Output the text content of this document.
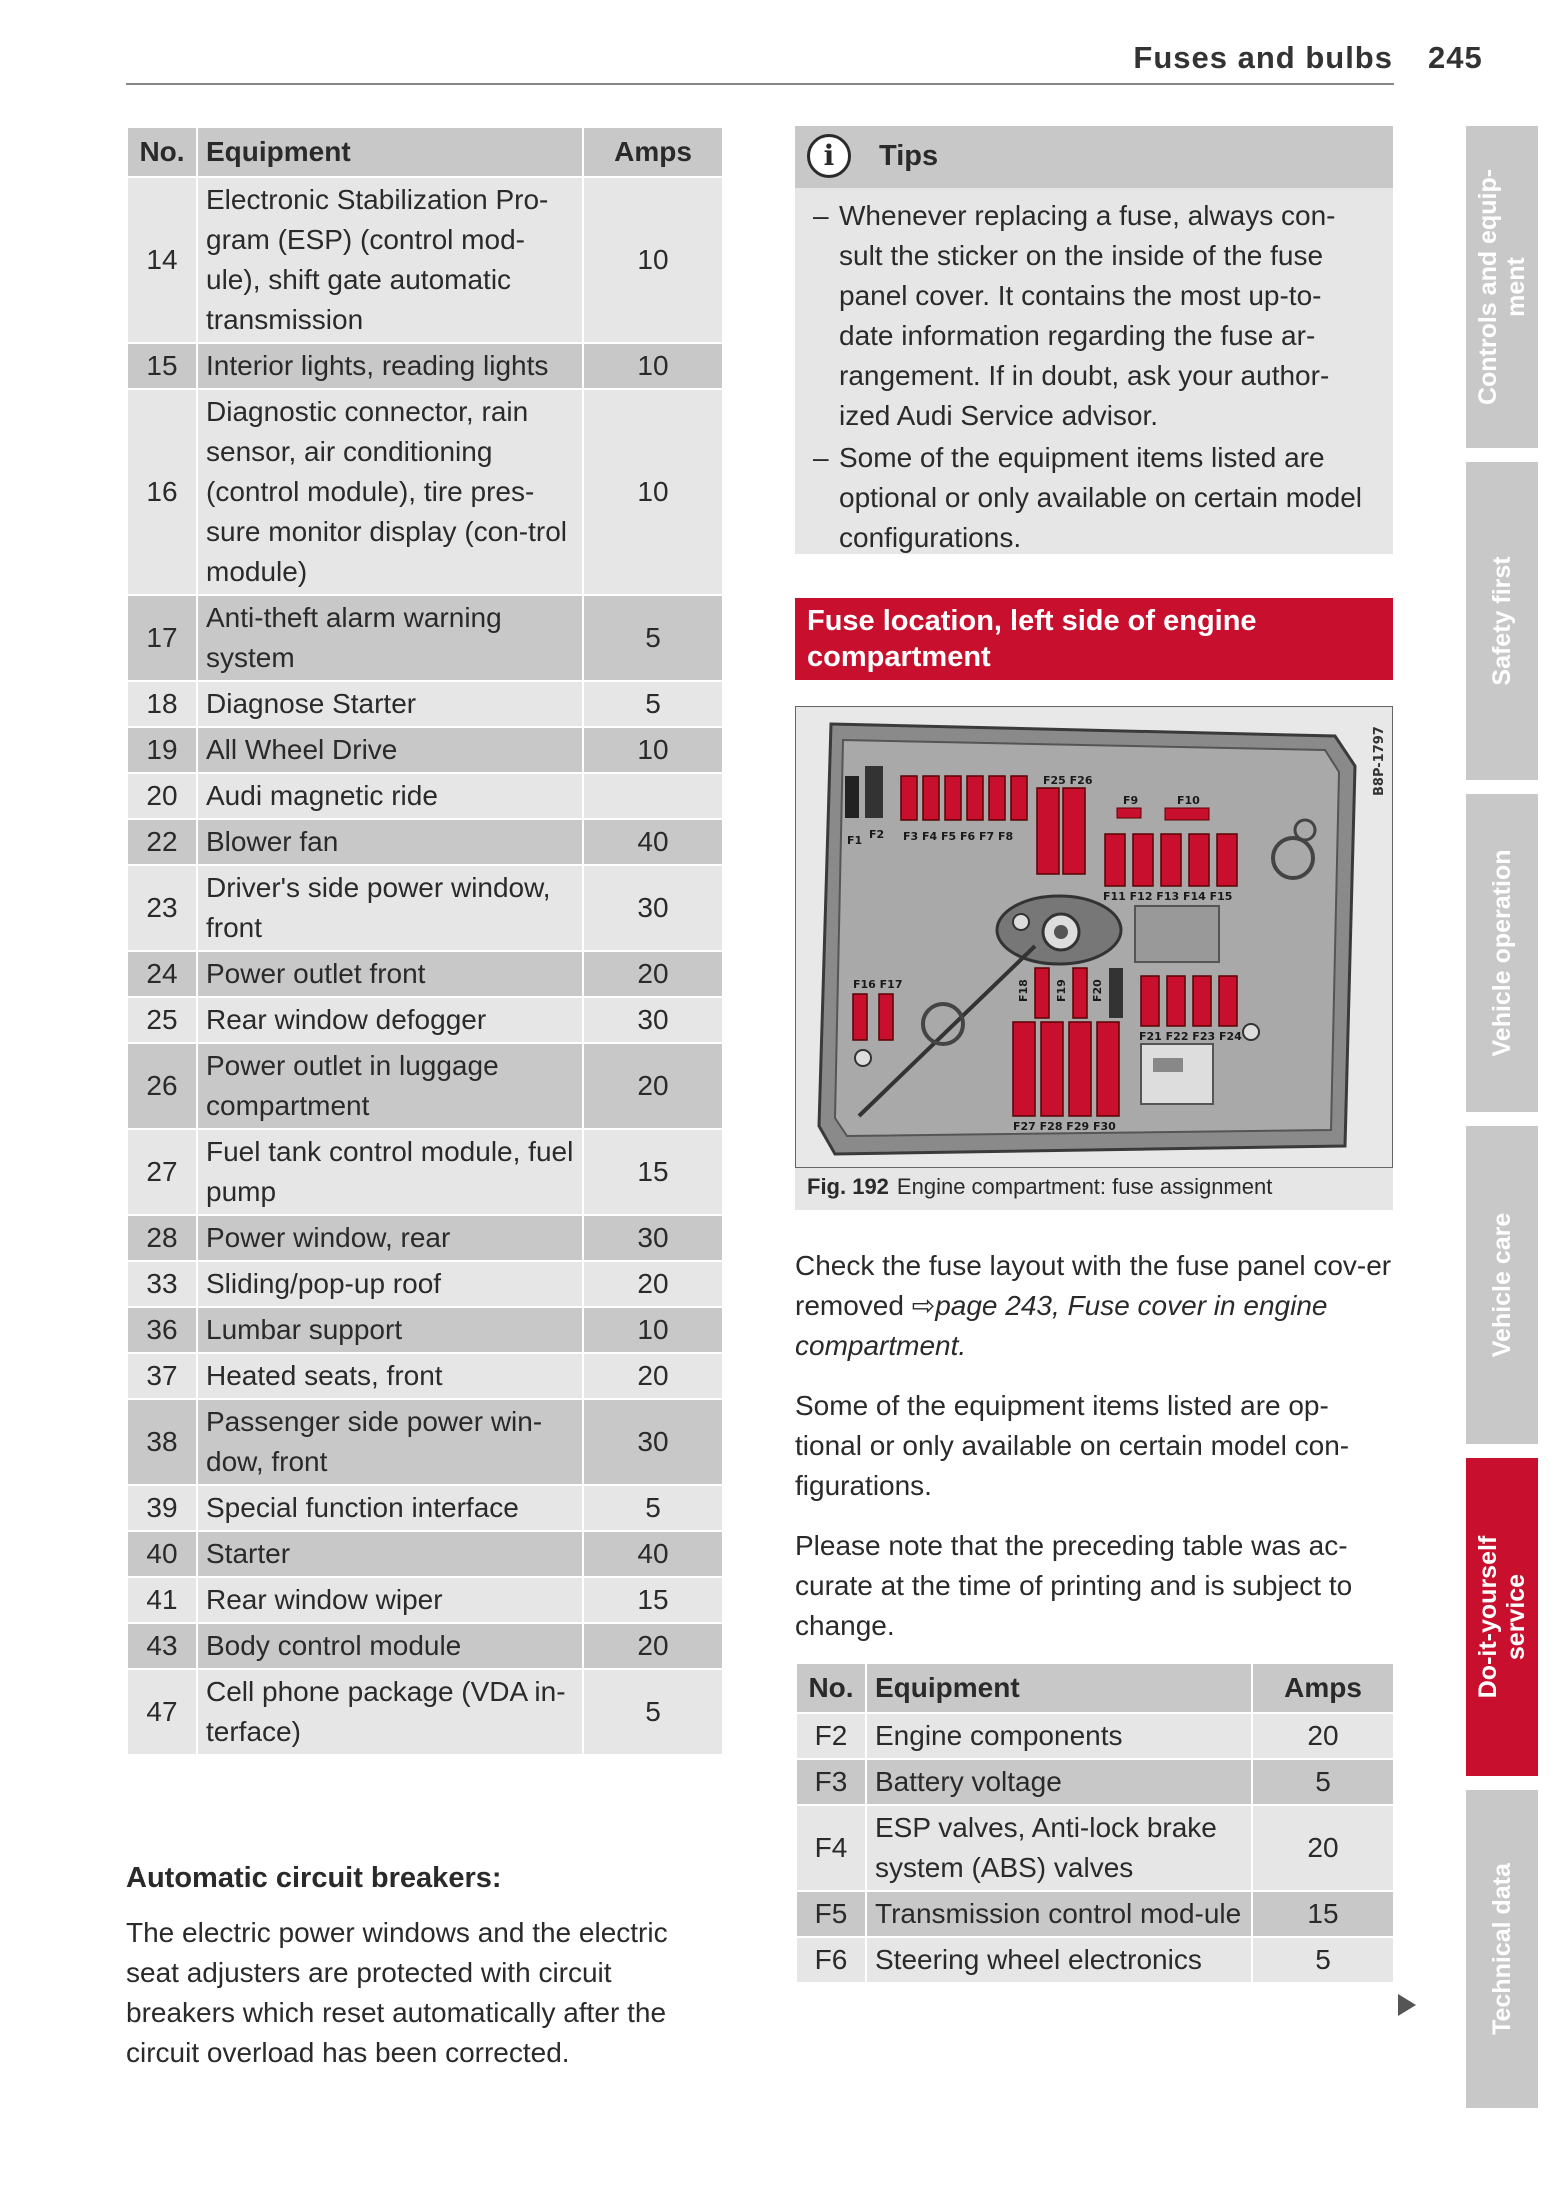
Fuses and bulbs 245
No.	Equipment	Amps
14	Electronic Stabilization Pro-gram (ESP) (control mod-ule), shift gate automatic transmission	10
15	Interior lights, reading lights	10
16	Diagnostic connector, rain sensor, air conditioning (control module), tire pres-sure monitor display (con-trol module)	10
17	Anti-theft alarm warning system	5
18	Diagnose Starter	5
19	All Wheel Drive	10
20	Audi magnetic ride	
22	Blower fan	40
23	Driver's side power window, front	30
24	Power outlet front	20
25	Rear window defogger	30
26	Power outlet in luggage compartment	20
27	Fuel tank control module, fuel pump	15
28	Power window, rear	30
33	Sliding/pop-up roof	20
36	Lumbar support	10
37	Heated seats, front	20
38	Passenger side power win-dow, front	30
39	Special function interface	5
40	Starter	40
41	Rear window wiper	15
43	Body control module	20
47	Cell phone package (VDA in-terface)	5
Automatic circuit breakers:
The electric power windows and the electric seat adjusters are protected with circuit breakers which reset automatically after the circuit overload has been corrected.
i	Tips
– Whenever replacing a fuse, always con-sult the sticker on the inside of the fuse panel cover. It contains the most up-to-date information regarding the fuse ar-rangement. If in doubt, ask your author-ized Audi Service advisor.
– Some of the equipment items listed are optional or only available on certain model configurations.
Fuse location, left side of engine compartment
F1 F2 F3 F4 F5 F6 F7 F8
F25 F26
F9	F10
F11 F12 F13 F14 F15
F16 F17	F18 F19 F20
F21 F22 F23 F24
F27 F28 F29 F30
B8P-1797
Fig. 192 Engine compartment: fuse assignment
Check the fuse layout with the fuse panel cov-er removed ⇨page 243, Fuse cover in engine compartment.
Some of the equipment items listed are op-tional or only available on certain model con-figurations.
Please note that the preceding table was ac-curate at the time of printing and is subject to change.
No.	Equipment	Amps
F2	Engine components	20
F3	Battery voltage	5
F4	ESP valves, Anti-lock brake system (ABS) valves	20
F5	Transmission control mod-ule	15
F6	Steering wheel electronics	5
Controls and equip- ment
Safety first
Vehicle operation
Vehicle care
Do-it-yourself service
Technical data
